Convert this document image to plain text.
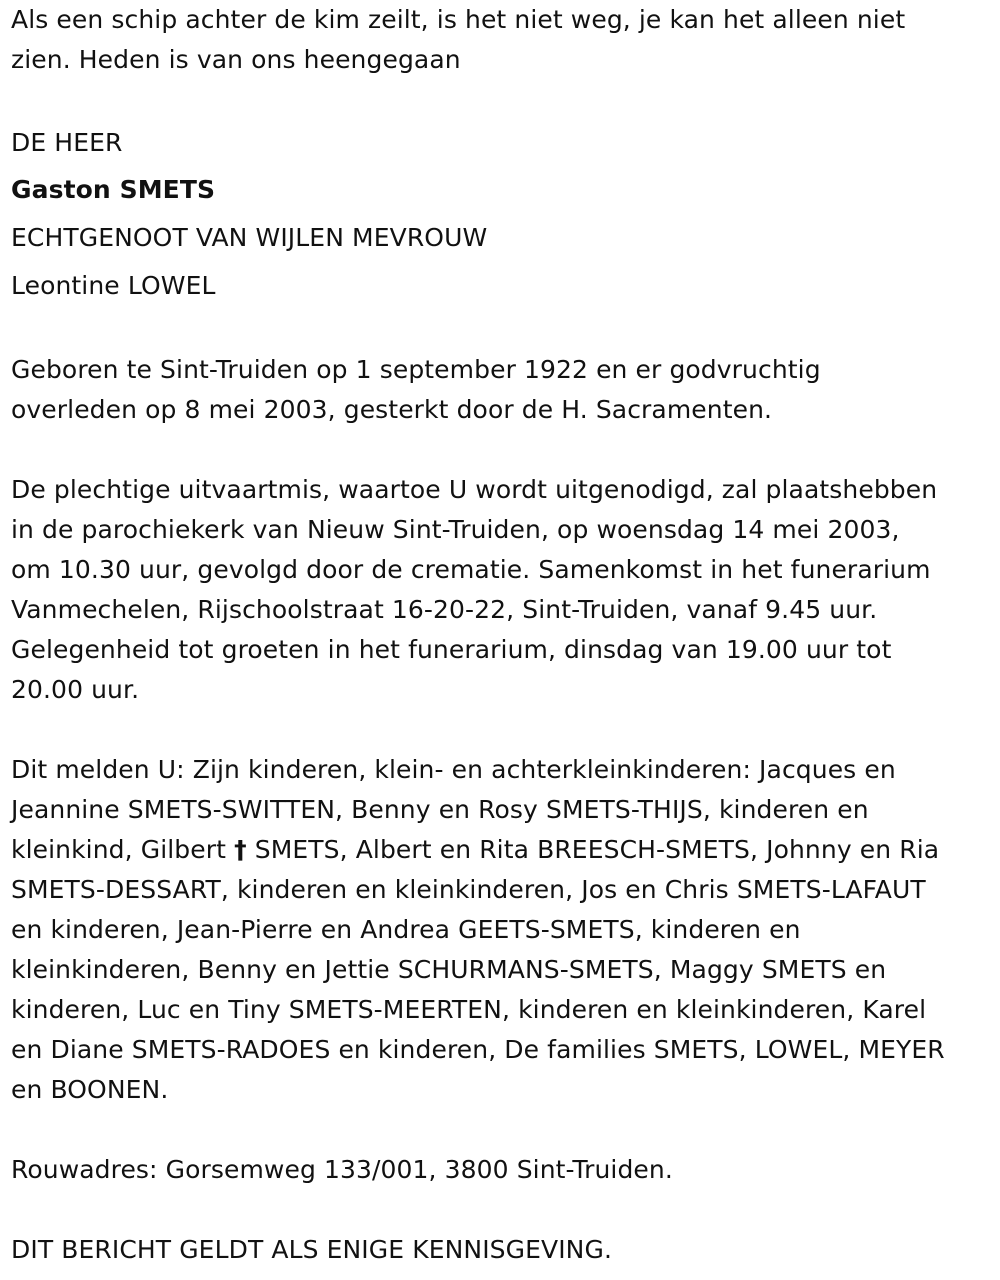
Als een schip achter de kim zeilt, is het niet weg, je kan het alleen niet

zien. Heden is van ons heengegaan

DE HEER

Gaston SMETS

ECHTGENOOT VAN WIJLEN MEVROUW

Leontine LOWEL

Geboren te Sint-Truiden op 1 september 1922 en er godvruchtig

overleden op 8 mei 2003, gesterkt door de H. Sacramenten.

De plechtige uitvaartmis, waartoe U wordt uitgenodigd, zal plaatshebben

in de parochiekerk van Nieuw Sint-Truiden, op woensdag 14 mei 2003,

om 10.30 uur, gevolgd door de crematie. Samenkomst in het funerarium

Vanmechelen, Rijschoolstraat 16-20-22, Sint-Truiden, vanaf 9.45 uur.

Gelegenheid tot groeten in het funerarium, dinsdag van 19.00 uur tot

20.00 uur.

Dit melden U: Zijn kinderen, klein- en achterkleinkinderen: Jacques en

Jeannine SMETS-SWITTEN, Benny en Rosy SMETS-THIJS, kinderen en

kleinkind, Gilbert † SMETS, Albert en Rita BREESCH-SMETS, Johnny en Ria

SMETS-DESSART, kinderen en kleinkinderen, Jos en Chris SMETS-LAFAUT

en kinderen, Jean-Pierre en Andrea GEETS-SMETS, kinderen en

kleinkinderen, Benny en Jettie SCHURMANS-SMETS, Maggy SMETS en

kinderen, Luc en Tiny SMETS-MEERTEN, kinderen en kleinkinderen, Karel

en Diane SMETS-RADOES en kinderen, De families SMETS, LOWEL, MEYER

en BOONEN.

Rouwadres: Gorsemweg 133/001, 3800 Sint-Truiden.

DIT BERICHT GELDT ALS ENIGE KENNISGEVING.
